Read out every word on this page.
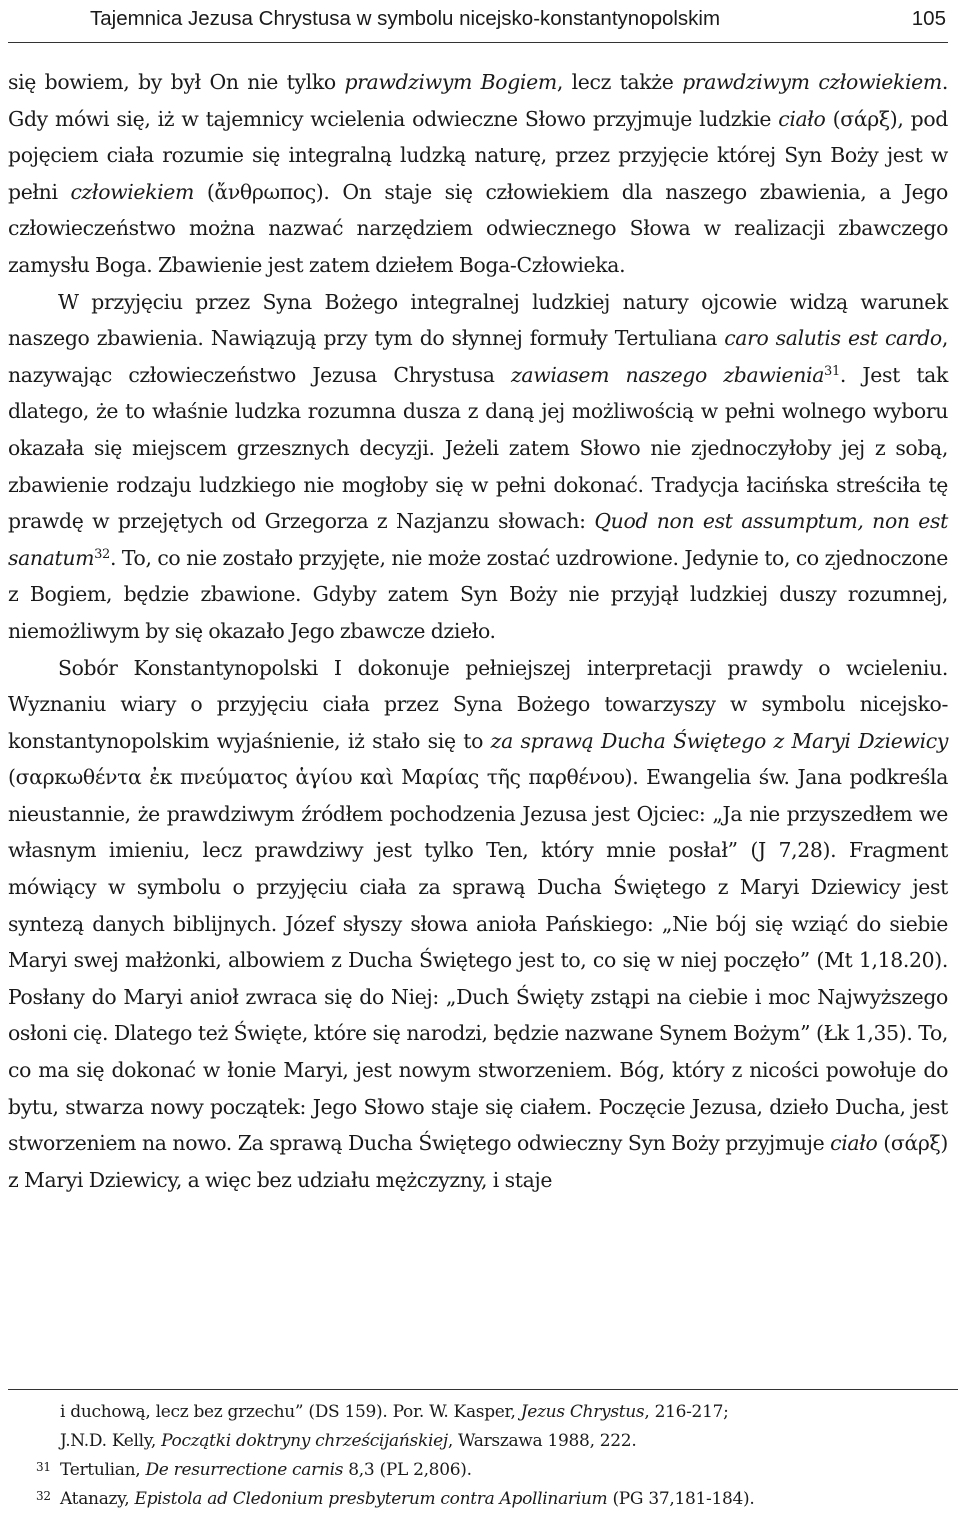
Tajemnica Jezusa Chrystusa w symbolu nicejsko-konstantynopolskim	105

się bowiem, by był On nie tylko prawdziwym Bogiem, lecz także prawdziwym człowiekiem. Gdy mówi się, iż w tajemnicy wcielenia odwieczne Słowo przyjmuje ludzkie ciało (σάρξ), pod pojęciem ciała rozumie się integralną ludzką naturę, przez przyjęcie której Syn Boży jest w pełni człowiekiem (ἄνθρωπος). On staje się człowiekiem dla naszego zbawienia, a Jego człowieczeństwo można nazwać narzędziem odwiecznego Słowa w realizacji zbawczego zamysłu Boga. Zbawienie jest zatem dziełem Boga-Człowieka.

W przyjęciu przez Syna Bożego integralnej ludzkiej natury ojcowie widzą warunek naszego zbawienia. Nawiązują przy tym do słynnej formuły Tertuliana caro salutis est cardo, nazywając człowieczeństwo Jezusa Chrystusa zawiasem naszego zbawienia$^{31}$. Jest tak dlatego, że to właśnie ludzka rozumna dusza z daną jej możliwością w pełni wolnego wyboru okazała się miejscem grzesznych decyzji. Jeżeli zatem Słowo nie zjednoczyłoby jej z sobą, zbawienie rodzaju ludzkiego nie mogłoby się w pełni dokonać. Tradycja łacińska streściła tę prawdę w przejętych od Grzegorza z Nazjanzu słowach: Quod non est assumptum, non est sanatum$^{32}$. To, co nie zostało przyjęte, nie może zostać uzdrowione. Jedynie to, co zjednoczone z Bogiem, będzie zbawione. Gdyby zatem Syn Boży nie przyjął ludzkiej duszy rozumnej, niemożliwym by się okazało Jego zbawcze dzieło.

Sobór Konstantynopolski I dokonuje pełniejszej interpretacji prawdy o wcieleniu. Wyznaniu wiary o przyjęciu ciała przez Syna Bożego towarzyszy w symbolu nicejsko-konstantynopolskim wyjaśnienie, iż stało się to za sprawą Ducha Świętego z Maryi Dziewicy (σαρκωθέντα ἐκ πνεύματος ἁγίου καὶ Μαρίας τῆς παρθένου). Ewangelia św. Jana podkreśla nieustannie, że prawdziwym źródłem pochodzenia Jezusa jest Ojciec: „Ja nie przyszedłem we własnym imieniu, lecz prawdziwy jest tylko Ten, który mnie posłał” (J 7,28). Fragment mówiący w symbolu o przyjęciu ciała za sprawą Ducha Świętego z Maryi Dziewicy jest syntezą danych biblijnych. Józef słyszy słowa anioła Pańskiego: „Nie bój się wziąć do siebie Maryi swej małżonki, albowiem z Ducha Świętego jest to, co się w niej poczęło” (Mt 1,18.20). Posłany do Maryi anioł zwraca się do Niej: „Duch Święty zstąpi na ciebie i moc Najwyższego osłoni cię. Dlatego też Święte, które się narodzi, będzie nazwane Synem Bożym” (Łk 1,35). To, co ma się dokonać w łonie Maryi, jest nowym stworzeniem. Bóg, który z nicości powołuje do bytu, stwarza nowy początek: Jego Słowo staje się ciałem. Poczęcie Jezusa, dzieło Ducha, jest stworzeniem na nowo. Za sprawą Ducha Świętego odwieczny Syn Boży przyjmuje ciało (σάρξ) z Maryi Dziewicy, a więc bez udziału mężczyzny, i staje

i duchową, lecz bez grzechu” (DS 159). Por. W. Kasper, Jezus Chrystus, 216-217;
J.N.D. Kelly, Początki doktryny chrześcijańskiej, Warszawa 1988, 222.
31 Tertulian, De resurrectione carnis 8,3 (PL 2,806).
32 Atanazy, Epistola ad Cledonium presbyterum contra Apollinarium (PG 37,181-184).
